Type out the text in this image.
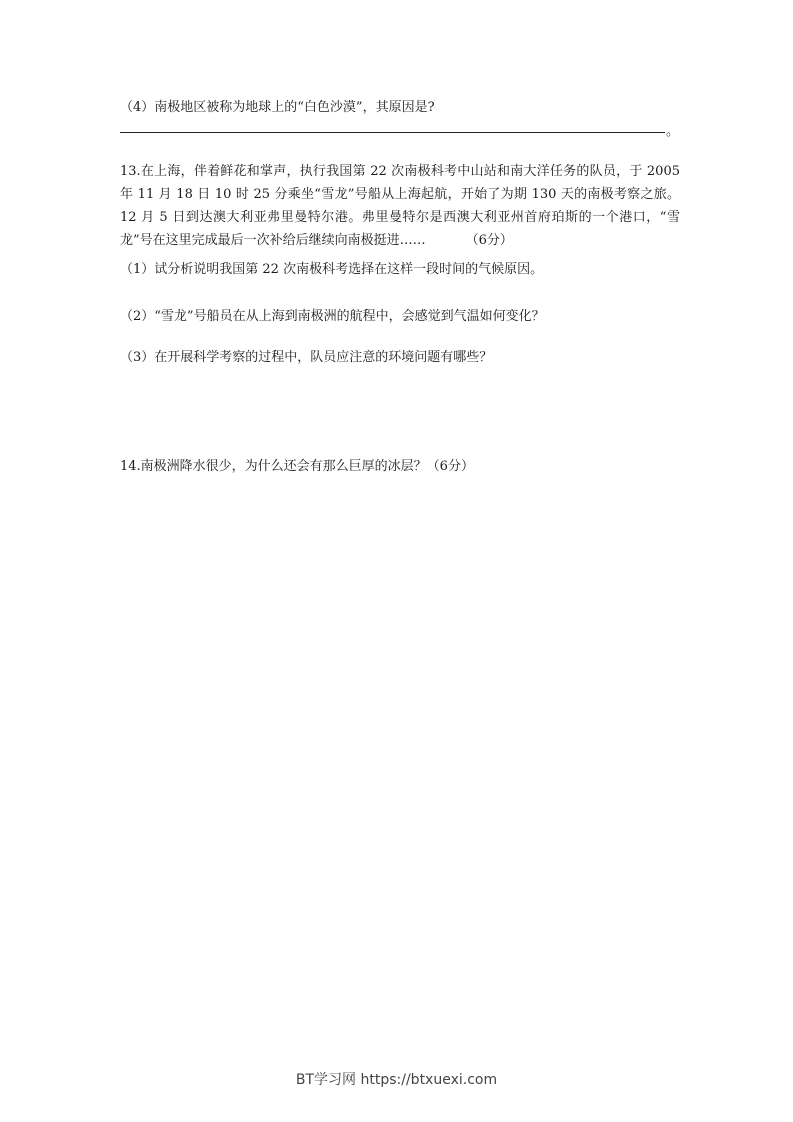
（4）南极地区被称为地球上的“白色沙漠”，其原因是?
。
13.在上海，伴着鲜花和掌声，执行我国第 22 次南极科考中山站和南大洋任务的队员，于 2005 年 11 月 18 日 10 时 25 分乘坐“雪龙”号船从上海起航，开始了为期 130 天的南极考察之旅。12 月 5 日到达澳大利亚弗里曼特尔港。弗里曼特尔是西澳大利亚州首府珀斯的一个港口，“雪龙”号在这里完成最后一次补给后继续向南极挺进……	（6分）
（1）试分析说明我国第 22 次南极科考选择在这样一段时间的气候原因。
（2）“雪龙”号船员在从上海到南极洲的航程中，会感觉到气温如何变化？
（3）在开展科学考察的过程中，队员应注意的环境问题有哪些？
14.南极洲降水很少，为什么还会有那么巨厚的冰层？（6分）
BT学习网 https://btxuexi.com
